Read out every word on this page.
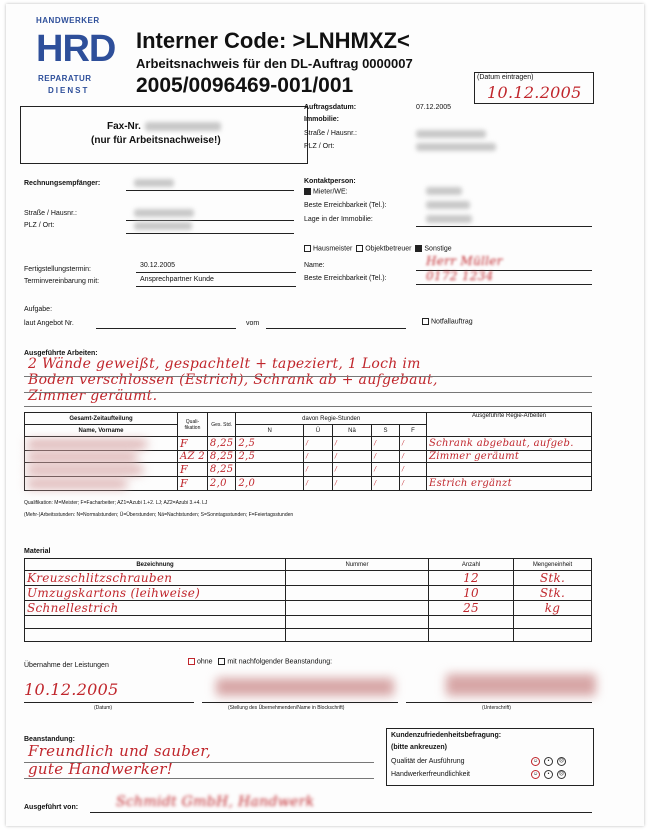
HANDWERKER
HRD
REPARATUR
DIENST
Interner Code: >LNHMXZ<
Arbeitsnachweis für den DL-Auftrag 0000007
2005/0096469-001/001	(Datum eintragen)
10.12.2005
Fax-Nr.
(nur für Arbeitsnachweise!)
Auftragsdatum:	07.12.2005
Immobilie:
Straße / Hausnr.:
PLZ / Ort:
Rechnungsempfänger:
Straße / Hausnr.:
PLZ / Ort:
Kontaktperson:
Mieter/WE:
Beste Erreichbarkeit (Tel.):
Lage in der Immobilie:
Hausmeister Objektbetreuer Sonstige
Name:	Herr Müller
Beste Erreichbarkeit (Tel.):	0172 1234
Fertigstellungstermin:
30.12.2005
Terminvereinbarung mit:	Ansprechpartner Kunde
Aufgabe:
laut Angebot Nr.	vom	Notfallauftrag
Ausgeführte Arbeiten:
2 Wände geweißt, gespachtelt + tapeziert, 1 Loch im
Boden verschlossen (Estrich), Schrank ab + aufgebaut,
Zimmer geräumt.
Gesamt-Zeitaufteilung	Quali-fikation	Ges. Std.	davon Regie-Stunden					Ausgeführte Regie-Arbeiten
Name, Vorname			N	Ü	Nä	S	F	

	F	8,25	2,5	/	/	/	/	Schrank abgebaut, aufgeb.

	AZ 2	8,25	2,5	/	/	/	/	Zimmer geräumt

	F	8,25		/	/	/	/	

	F	2,0	2,0	/	/	/	/	Estrich ergänzt
Qualifikation: M=Meister; F=Facharbeiter; AZ1=Azubi 1.+2. LJ; AZ2=Azubi 3.+4. LJ
(Mehr-)Arbeitsstunden: N=Normalstunden; Ü=Überstunden; Nä=Nachtstunden; S=Sonntagsstunden; F=Feiertagsstunden
Material
Bezeichnung	Nummer	Anzahl	Mengeneinheit
Kreuzschlitzschrauben		12	Stk.
Umzugskartons (leihweise)		10	Stk.
Schnellestrich		25	kg

Übernahme der Leistungen
ohne mit nachfolgender Beanstandung:
10.12.2005
(Datum)	(Stellung des Übernehmenden/Name in Blockschrift)	(Unterschrift)
Beanstandung:
Freundlich und sauber,
gute Handwerker!
Kundenzufriedenheitsbefragung:
(bitte ankreuzen)
Qualität der Ausführung	☺ • ☹
Handwerkerfreundlichkeit	☺ • ☹
Ausgeführt von:	Schmidt GmbH, Handwerk
